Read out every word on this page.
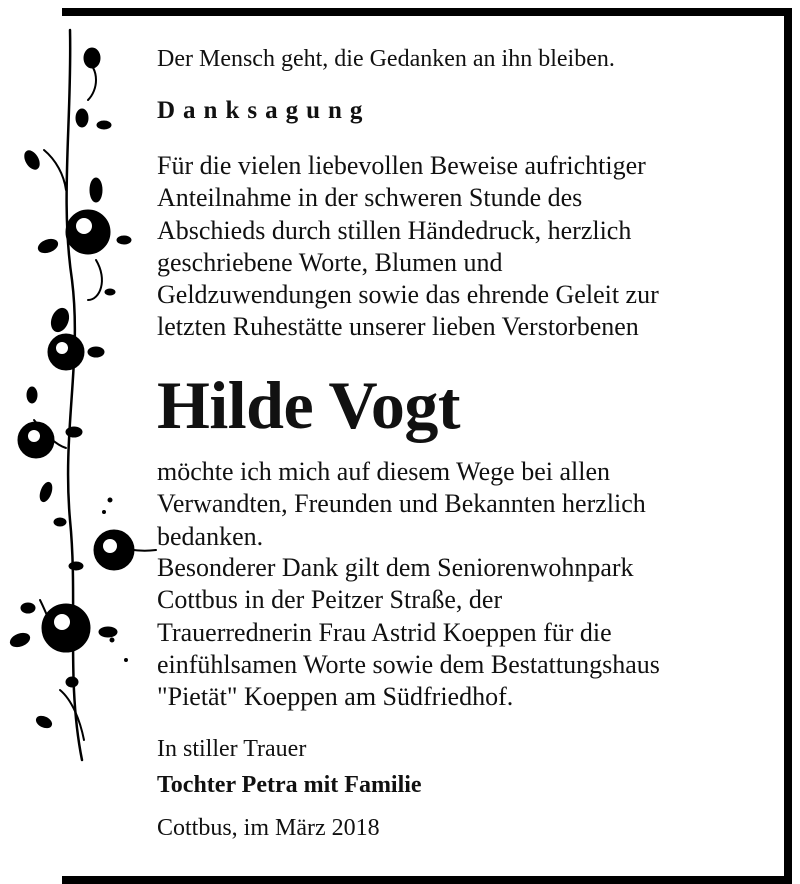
Der Mensch geht, die Gedanken an ihn bleiben.
Danksagung
Für die vielen liebevollen Beweise aufrichtiger
Anteilnahme in der schweren Stunde des
Abschieds durch stillen Händedruck, herzlich
geschriebene Worte, Blumen und
Geldzuwendungen sowie das ehrende Geleit zur
letzten Ruhestätte unserer lieben Verstorbenen
Hilde Vogt
möchte ich mich auf diesem Wege bei allen
Verwandten, Freunden und Bekannten herzlich
bedanken.
Besonderer Dank gilt dem Seniorenwohnpark
Cottbus in der Peitzer Straße, der
Trauerrednerin Frau Astrid Koeppen für die
einfühlsamen Worte sowie dem Bestattungshaus
"Pietät" Koeppen am Südfriedhof.
In stiller Trauer
Tochter Petra mit Familie
Cottbus, im März 2018
